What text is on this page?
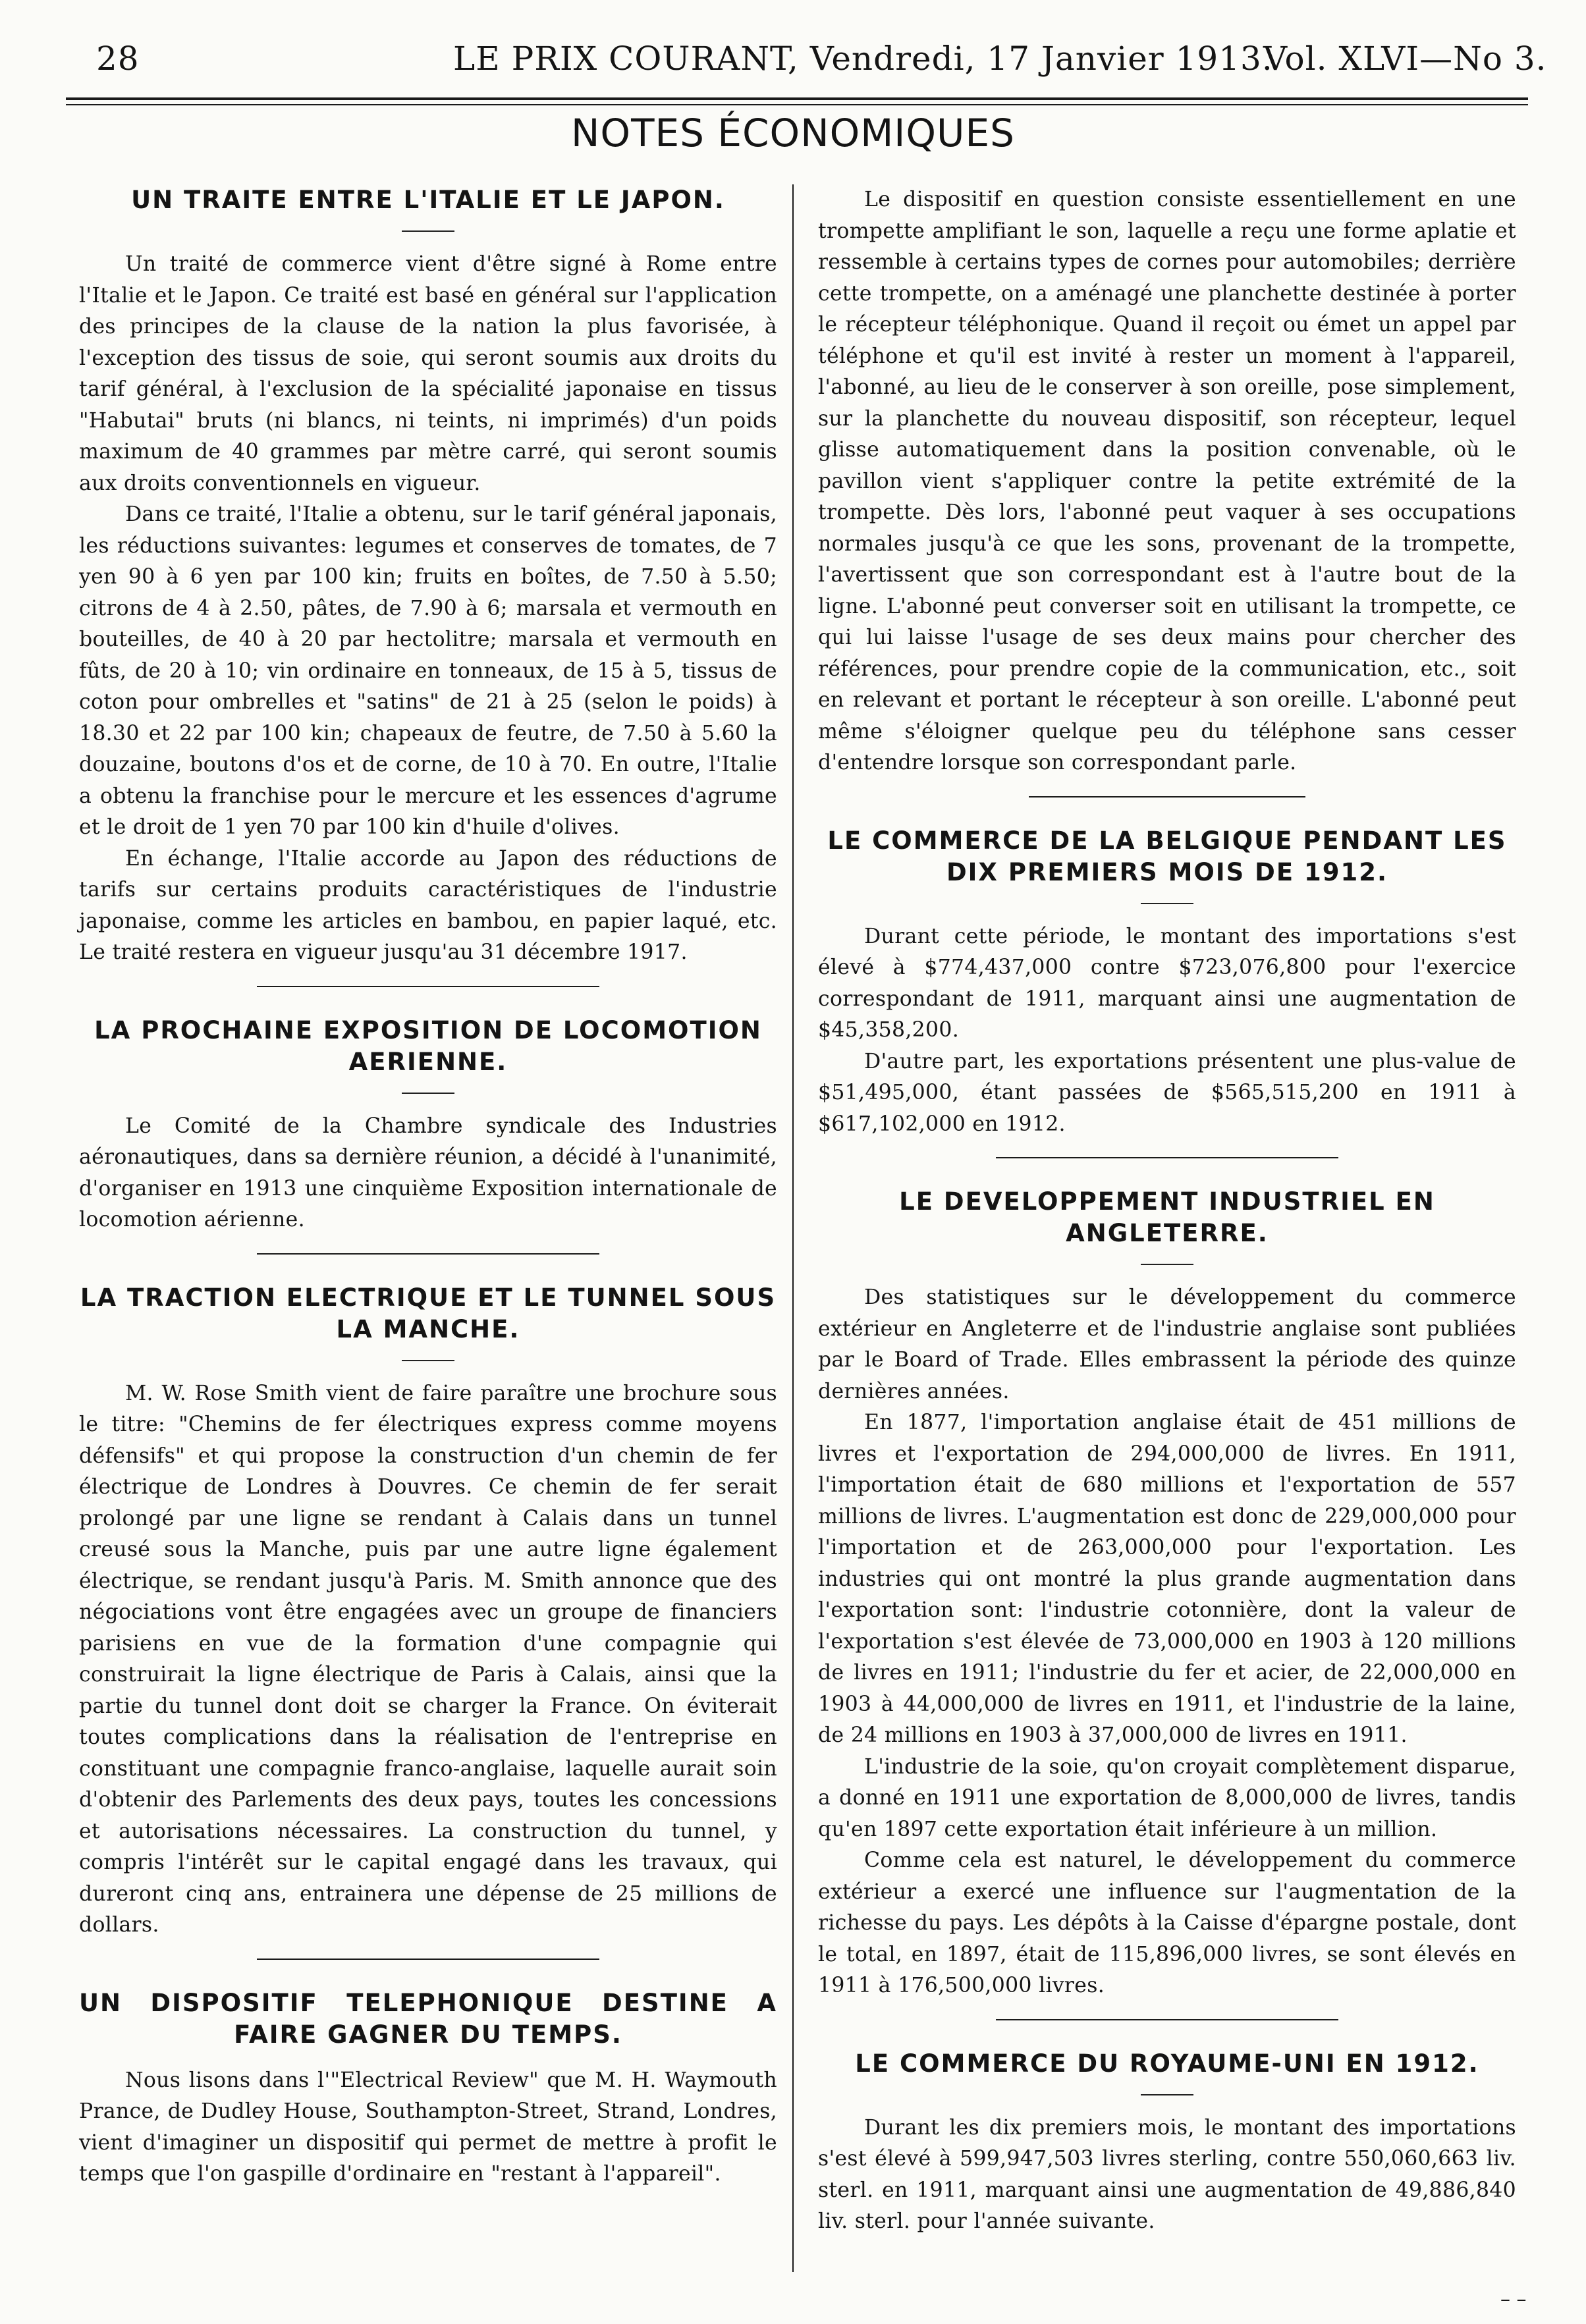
28	LE PRIX COURANT, Vendredi, 17 Janvier 1913.
Vol. XLVI—No 3.
NOTES ÉCONOMIQUES
UN TRAITE ENTRE L'ITALIE ET LE JAPON.

Un traité de commerce vient d'être signé à Rome entre l'Italie et le Japon. Ce traité est basé en général sur l'application des principes de la clause de la nation la plus favorisée, à l'exception des tissus de soie, qui seront soumis aux droits du tarif général, à l'exclusion de la spécialité japonaise en tissus "Habutai" bruts (ni blancs, ni teints, ni imprimés) d'un poids maximum de 40 grammes par mètre carré, qui seront soumis aux droits conventionnels en vigueur.

Dans ce traité, l'Italie a obtenu, sur le tarif général japonais, les réductions suivantes: legumes et conserves de tomates, de 7 yen 90 à 6 yen par 100 kin; fruits en boîtes, de 7.50 à 5.50; citrons de 4 à 2.50, pâtes, de 7.90 à 6; marsala et vermouth en bouteilles, de 40 à 20 par hectolitre; marsala et vermouth en fûts, de 20 à 10; vin ordinaire en tonneaux, de 15 à 5, tissus de coton pour ombrelles et "satins" de 21 à 25 (selon le poids) à 18.30 et 22 par 100 kin; chapeaux de feutre, de 7.50 à 5.60 la douzaine, boutons d'os et de corne, de 10 à 70. En outre, l'Italie a obtenu la franchise pour le mercure et les essences d'agrume et le droit de 1 yen 70 par 100 kin d'huile d'olives.

En échange, l'Italie accorde au Japon des réductions de tarifs sur certains produits caractéristiques de l'industrie japonaise, comme les articles en bambou, en papier laqué, etc. Le traité restera en vigueur jusqu'au 31 décembre 1917.

LA PROCHAINE EXPOSITION DE LOCOMOTION AERIENNE.

Le Comité de la Chambre syndicale des Industries aéronautiques, dans sa dernière réunion, a décidé à l'unanimité, d'organiser en 1913 une cinquième Exposition internationale de locomotion aérienne.

LA TRACTION ELECTRIQUE ET LE TUNNEL SOUS LA MANCHE.

M. W. Rose Smith vient de faire paraître une brochure sous le titre: "Chemins de fer électriques express comme moyens défensifs" et qui propose la construction d'un chemin de fer électrique de Londres à Douvres. Ce chemin de fer serait prolongé par une ligne se rendant à Calais dans un tunnel creusé sous la Manche, puis par une autre ligne également électrique, se rendant jusqu'à Paris. M. Smith annonce que des négociations vont être engagées avec un groupe de financiers parisiens en vue de la formation d'une compagnie qui construirait la ligne électrique de Paris à Calais, ainsi que la partie du tunnel dont doit se charger la France. On éviterait toutes complications dans la réalisation de l'entreprise en constituant une compagnie franco-anglaise, laquelle aurait soin d'obtenir des Parlements des deux pays, toutes les concessions et autorisations nécessaires. La construction du tunnel, y compris l'intérêt sur le capital engagé dans les travaux, qui dureront cinq ans, entrainera une dépense de 25 millions de dollars.

UN DISPOSITIF TELEPHONIQUE DESTINE A FAIRE GAGNER DU TEMPS.

Nous lisons dans l'"Electrical Review" que M. H. Waymouth Prance, de Dudley House, Southampton-Street, Strand, Londres, vient d'imaginer un dispositif qui permet de mettre à profit le temps que l'on gaspille d'ordinaire en "restant à l'appareil".

Le dispositif en question consiste essentiellement en une trompette amplifiant le son, laquelle a reçu une forme aplatie et ressemble à certains types de cornes pour automobiles; derrière cette trompette, on a aménagé une planchette destinée à porter le récepteur téléphonique. Quand il reçoit ou émet un appel par téléphone et qu'il est invité à rester un moment à l'appareil, l'abonné, au lieu de le conserver à son oreille, pose simplement, sur la planchette du nouveau dispositif, son récepteur, lequel glisse automatiquement dans la position convenable, où le pavillon vient s'appliquer contre la petite extrémité de la trompette. Dès lors, l'abonné peut vaquer à ses occupations normales jusqu'à ce que les sons, provenant de la trompette, l'avertissent que son correspondant est à l'autre bout de la ligne. L'abonné peut converser soit en utilisant la trompette, ce qui lui laisse l'usage de ses deux mains pour chercher des références, pour prendre copie de la communication, etc., soit en relevant et portant le récepteur à son oreille. L'abonné peut même s'éloigner quelque peu du téléphone sans cesser d'entendre lorsque son correspondant parle.

LE COMMERCE DE LA BELGIQUE PENDANT LES DIX PREMIERS MOIS DE 1912.

Durant cette période, le montant des importations s'est élevé à $774,437,000 contre $723,076,800 pour l'exercice correspondant de 1911, marquant ainsi une augmentation de $45,358,200.

D'autre part, les exportations présentent une plus-value de $51,495,000, étant passées de $565,515,200 en 1911 à $617,102,000 en 1912.

LE DEVELOPPEMENT INDUSTRIEL EN ANGLETERRE.

Des statistiques sur le développement du commerce extérieur en Angleterre et de l'industrie anglaise sont publiées par le Board of Trade. Elles embrassent la période des quinze dernières années.

En 1877, l'importation anglaise était de 451 millions de livres et l'exportation de 294,000,000 de livres. En 1911, l'importation était de 680 millions et l'exportation de 557 millions de livres. L'augmentation est donc de 229,000,000 pour l'importation et de 263,000,000 pour l'exportation. Les industries qui ont montré la plus grande augmentation dans l'exportation sont: l'industrie cotonnière, dont la valeur de l'exportation s'est élevée de 73,000,000 en 1903 à 120 millions de livres en 1911; l'industrie du fer et acier, de 22,000,000 en 1903 à 44,000,000 de livres en 1911, et l'industrie de la laine, de 24 millions en 1903 à 37,000,000 de livres en 1911.

L'industrie de la soie, qu'on croyait complètement disparue, a donné en 1911 une exportation de 8,000,000 de livres, tandis qu'en 1897 cette exportation était inférieure à un million.

Comme cela est naturel, le développement du commerce extérieur a exercé une influence sur l'augmentation de la richesse du pays. Les dépôts à la Caisse d'épargne postale, dont le total, en 1897, était de 115,896,000 livres, se sont élevés en 1911 à 176,500,000 livres.

LE COMMERCE DU ROYAUME-UNI EN 1912.

Durant les dix premiers mois, le montant des importations s'est élevé à 599,947,503 livres sterling, contre 550,060,663 liv. sterl. en 1911, marquant ainsi une augmentation de 49,886,840 liv. sterl. pour l'année suivante.

– –
